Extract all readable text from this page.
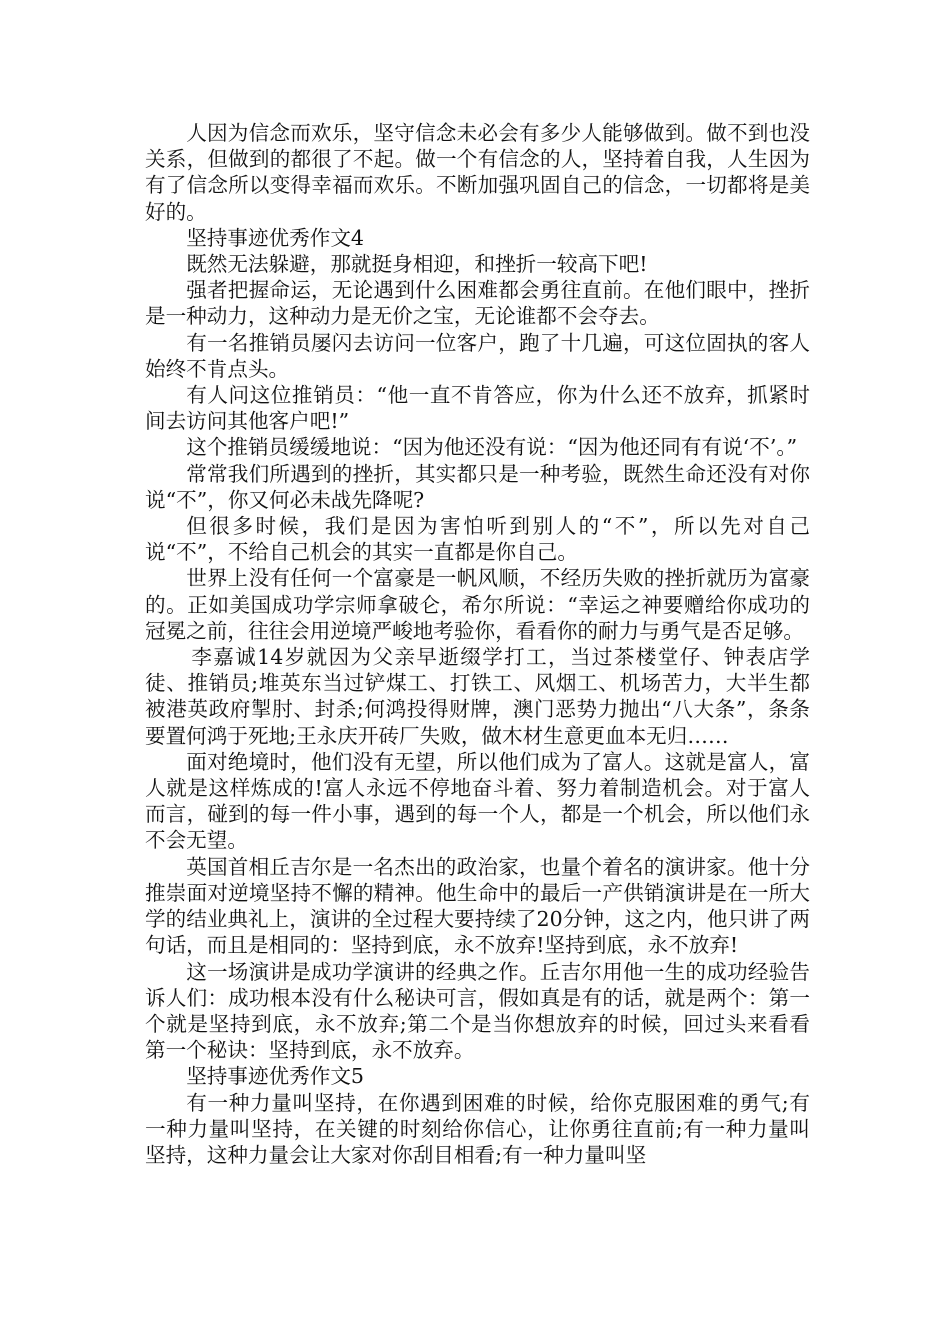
人因为信念而欢乐，坚守信念未必会有多少人能够做到。做不到也没关系，但做到的都很了不起。做一个有信念的人，坚持着自我，人生因为有了信念所以变得幸福而欢乐。不断加强巩固自己的信念，一切都将是美好的。

坚持事迹优秀作文4

既然无法躲避，那就挺身相迎，和挫折一较高下吧!

强者把握命运，无论遇到什么困难都会勇往直前。在他们眼中，挫折是一种动力，这种动力是无价之宝，无论谁都不会夺去。

有一名推销员屡闪去访问一位客户，跑了十几遍，可这位固执的客人始终不肯点头。

有人问这位推销员：“他一直不肯答应，你为什么还不放弃，抓紧时间去访问其他客户吧!”

这个推销员缓缓地说：“因为他还没有说：“因为他还同有有说‘不’。”

常常我们所遇到的挫折，其实都只是一种考验，既然生命还没有对你说“不”，你又何必未战先降呢?

但很多时候，我们是因为害怕听到别人的“不”，所以先对自己说“不”，不给自己机会的其实一直都是你自己。

世界上没有任何一个富豪是一帆风顺，不经历失败的挫折就历为富豪的。正如美国成功学宗师拿破仑，希尔所说：“幸运之神要赠给你成功的冠冕之前，往往会用逆境严峻地考验你，看看你的耐力与勇气是否足够。

李嘉诚14岁就因为父亲早逝缀学打工，当过茶楼堂仔、钟表店学徒、推销员;堆英东当过铲煤工、打铁工、风烟工、机场苦力，大半生都被港英政府掣肘、封杀;何鸿投得财牌，澳门恶势力抛出“八大条”，条条要置何鸿于死地;王永庆开砖厂失败，做木材生意更血本无归……

面对绝境时，他们没有无望，所以他们成为了富人。这就是富人，富人就是这样炼成的!富人永远不停地奋斗着、努力着制造机会。对于富人而言，碰到的每一件小事，遇到的每一个人，都是一个机会，所以他们永不会无望。

英国首相丘吉尔是一名杰出的政治家，也量个着名的演讲家。他十分推崇面对逆境坚持不懈的精神。他生命中的最后一产供销演讲是在一所大学的结业典礼上，演讲的全过程大要持续了20分钟，这之内，他只讲了两句话，而且是相同的：坚持到底，永不放弃!坚持到底，永不放弃!

这一场演讲是成功学演讲的经典之作。丘吉尔用他一生的成功经验告诉人们：成功根本没有什么秘诀可言，假如真是有的话，就是两个：第一个就是坚持到底，永不放弃;第二个是当你想放弃的时候，回过头来看看第一个秘诀：坚持到底，永不放弃。

坚持事迹优秀作文5

有一种力量叫坚持，在你遇到困难的时候，给你克服困难的勇气;有一种力量叫坚持，在关键的时刻给你信心，让你勇往直前;有一种力量叫坚持，这种力量会让大家对你刮目相看;有一种力量叫坚
